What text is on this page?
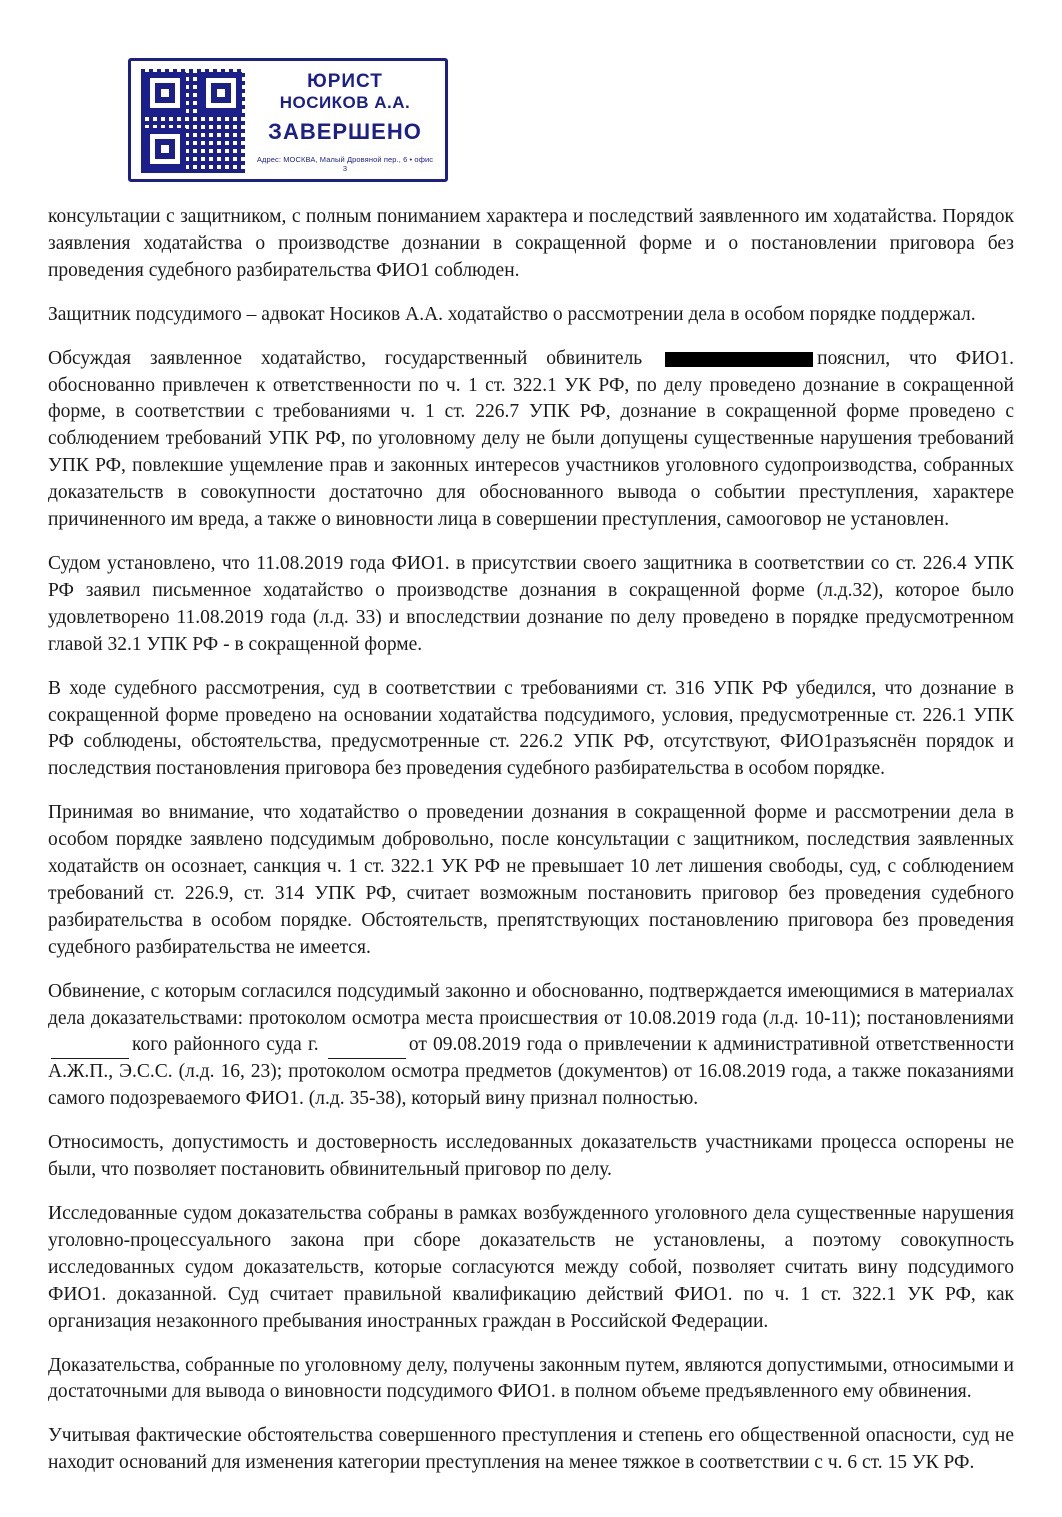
ЮРИСТ
НОСИКОВ А.А.
ЗАВЕРШЕНО
Адрес: МОСКВА, Малый Дровяной пер., 6 • офис 3

консультации с защитником, с полным пониманием характера и последствий заявленного им ходатайства. Порядок заявления ходатайства о производстве дознании в сокращенной форме и о постановлении приговора без проведения судебного разбирательства ФИО1 соблюден.

Защитник подсудимого – адвокат Носиков А.А. ходатайство о рассмотрении дела в особом порядке поддержал.

Обсуждая заявленное ходатайство, государственный обвинитель	пояснил, что ФИО1. обоснованно привлечен к ответственности по ч. 1 ст. 322.1 УК РФ, по делу проведено дознание в сокращенной форме, в соответствии с требованиями ч. 1 ст. 226.7 УПК РФ, дознание в сокращенной форме проведено с соблюдением требований УПК РФ, по уголовному делу не были допущены существенные нарушения требований УПК РФ, повлекшие ущемление прав и законных интересов участников уголовного судопроизводства, собранных доказательств в совокупности достаточно для обоснованного вывода о событии преступления, характере причиненного им вреда, а также о виновности лица в совершении преступления, самооговор не установлен.

Судом установлено, что 11.08.2019 года ФИО1. в присутствии своего защитника в соответствии со ст. 226.4 УПК РФ заявил письменное ходатайство о производстве дознания в сокращенной форме (л.д.32), которое было удовлетворено 11.08.2019 года (л.д. 33) и впоследствии дознание по делу проведено в порядке предусмотренном главой 32.1 УПК РФ - в сокращенной форме.

В ходе судебного рассмотрения, суд в соответствии с требованиями ст. 316 УПК РФ убедился, что дознание в сокращенной форме проведено на основании ходатайства подсудимого, условия, предусмотренные ст. 226.1 УПК РФ соблюдены, обстоятельства, предусмотренные ст. 226.2 УПК РФ, отсутствуют, ФИО1разъяснён порядок и последствия постановления приговора без проведения судебного разбирательства в особом порядке.

Принимая во внимание, что ходатайство о проведении дознания в сокращенной форме и рассмотрении дела в особом порядке заявлено подсудимым добровольно, после консультации с защитником, последствия заявленных ходатайств он осознает, санкция ч. 1 ст. 322.1 УК РФ не превышает 10 лет лишения свободы, суд, с соблюдением требований ст. 226.9, ст. 314 УПК РФ, считает возможным постановить приговор без проведения судебного разбирательства в особом порядке. Обстоятельств, препятствующих постановлению приговора без проведения судебного разбирательства не имеется.

Обвинение, с которым согласился подсудимый законно и обоснованно, подтверждается имеющимися в материалах дела доказательствами: протоколом осмотра места происшествия от 10.08.2019 года (л.д. 10-11); постановлениями кого районного суда г.	от 09.08.2019 года о привлечении к административной ответственности А.Ж.П., Э.С.С. (л.д. 16, 23); протоколом осмотра предметов (документов) от 16.08.2019 года, а также показаниями самого подозреваемого ФИО1. (л.д. 35-38), который вину признал полностью.

Относимость, допустимость и достоверность исследованных доказательств участниками процесса оспорены не были, что позволяет постановить обвинительный приговор по делу.

Исследованные судом доказательства собраны в рамках возбужденного уголовного дела существенные нарушения уголовно-процессуального закона при сборе доказательств не установлены, а поэтому совокупность исследованных судом доказательств, которые согласуются между собой, позволяет считать вину подсудимого ФИО1. доказанной. Суд считает правильной квалификацию действий ФИО1. по ч. 1 ст. 322.1 УК РФ, как организация незаконного пребывания иностранных граждан в Российской Федерации.

Доказательства, собранные по уголовному делу, получены законным путем, являются допустимыми, относимыми и достаточными для вывода о виновности подсудимого ФИО1. в полном объеме предъявленного ему обвинения.

Учитывая фактические обстоятельства совершенного преступления и степень его общественной опасности, суд не находит оснований для изменения категории преступления на менее тяжкое в соответствии с ч. 6 ст. 15 УК РФ.
